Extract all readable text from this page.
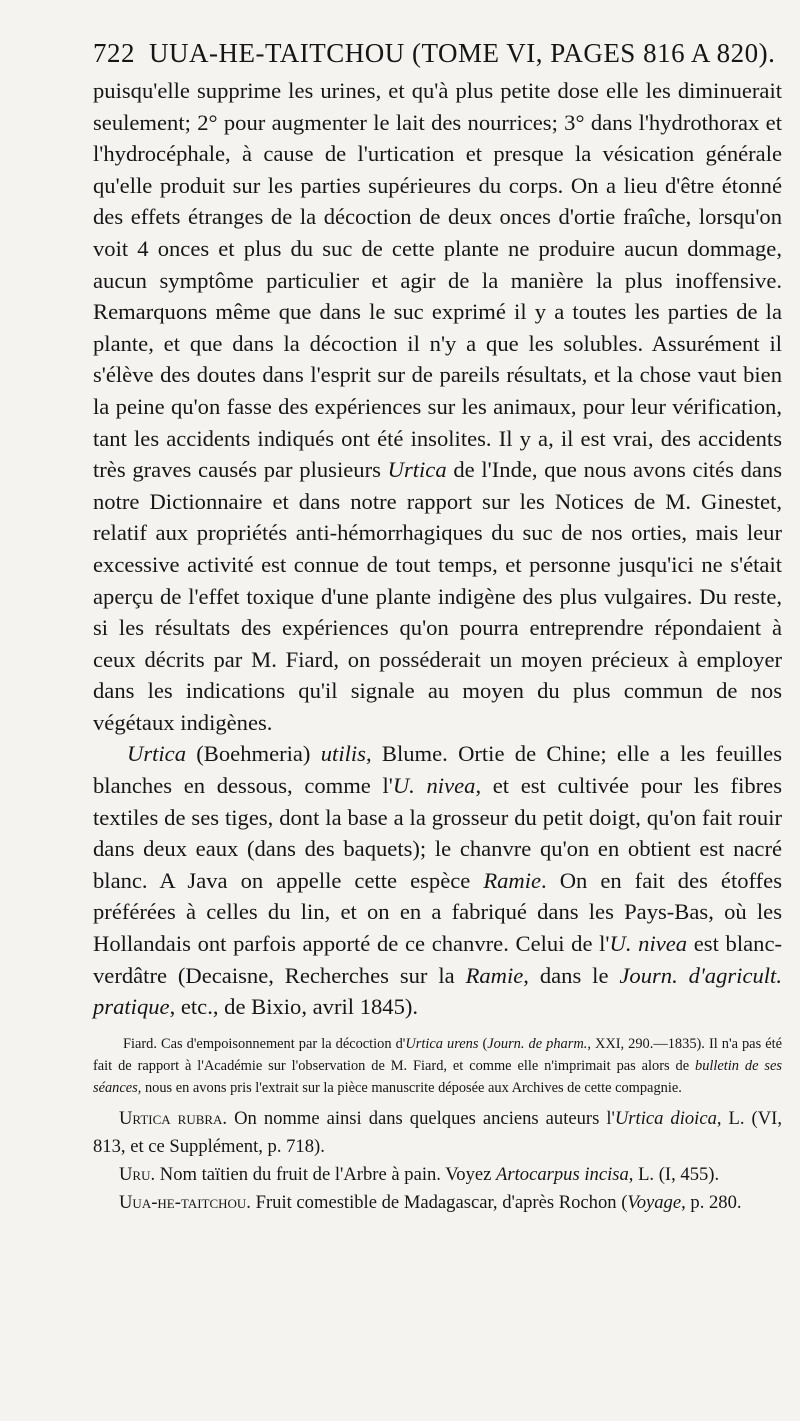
722 UUA-HE-TAITCHOU (TOME VI, PAGES 816 A 820).

puisqu'elle supprime les urines, et qu'à plus petite dose elle les diminuerait seulement; 2° pour augmenter le lait des nourrices; 3° dans l'hydrothorax et l'hydrocéphale, à cause de l'urtication et presque la vésication générale qu'elle produit sur les parties supérieures du corps. On a lieu d'être étonné des effets étranges de la décoction de deux onces d'ortie fraîche, lorsqu'on voit 4 onces et plus du suc de cette plante ne produire aucun dommage, aucun symptôme particulier et agir de la manière la plus inoffensive. Remarquons même que dans le suc exprimé il y a toutes les parties de la plante, et que dans la décoction il n'y a que les solubles. Assurément il s'élève des doutes dans l'esprit sur de pareils résultats, et la chose vaut bien la peine qu'on fasse des expériences sur les animaux, pour leur vérification, tant les accidents indiqués ont été insolites. Il y a, il est vrai, des accidents très graves causés par plusieurs Urtica de l'Inde, que nous avons cités dans notre Dictionnaire et dans notre rapport sur les Notices de M. Ginestet, relatif aux propriétés anti-hémorrhagiques du suc de nos orties, mais leur excessive activité est connue de tout temps, et personne jusqu'ici ne s'était aperçu de l'effet toxique d'une plante indigène des plus vulgaires. Du reste, si les résultats des expériences qu'on pourra entreprendre répondaient à ceux décrits par M. Fiard, on posséderait un moyen précieux à employer dans les indications qu'il signale au moyen du plus commun de nos végétaux indigènes.

Urtica (Boehmeria) utilis, Blume. Ortie de Chine; elle a les feuilles blanches en dessous, comme l'U. nivea, et est cultivée pour les fibres textiles de ses tiges, dont la base a la grosseur du petit doigt, qu'on fait rouir dans deux eaux (dans des baquets); le chanvre qu'on en obtient est nacré blanc. A Java on appelle cette espèce Ramie. On en fait des étoffes préférées à celles du lin, et on en a fabriqué dans les Pays-Bas, où les Hollandais ont parfois apporté de ce chanvre. Celui de l'U. nivea est blanc-verdâtre (Decaisne, Recherches sur la Ramie, dans le Journ. d'agricult. pratique, etc., de Bixio, avril 1845).

Fiard. Cas d'empoisonnement par la décoction d'Urtica urens (Journ. de pharm., XXI, 290.—1835). Il n'a pas été fait de rapport à l'Académie sur l'observation de M. Fiard, et comme elle n'imprimait pas alors de bulletin de ses séances, nous en avons pris l'extrait sur la pièce manuscrite déposée aux Archives de cette compagnie.

Urtica rubra. On nomme ainsi dans quelques anciens auteurs l'Urtica dioica, L. (VI, 813, et ce Supplément, p. 718).

Uru. Nom taïtien du fruit de l'Arbre à pain. Voyez Artocarpus incisa, L. (I, 455).

Uua-he-taitchou. Fruit comestible de Madagascar, d'après Rochon (Voyage, p. 280.
